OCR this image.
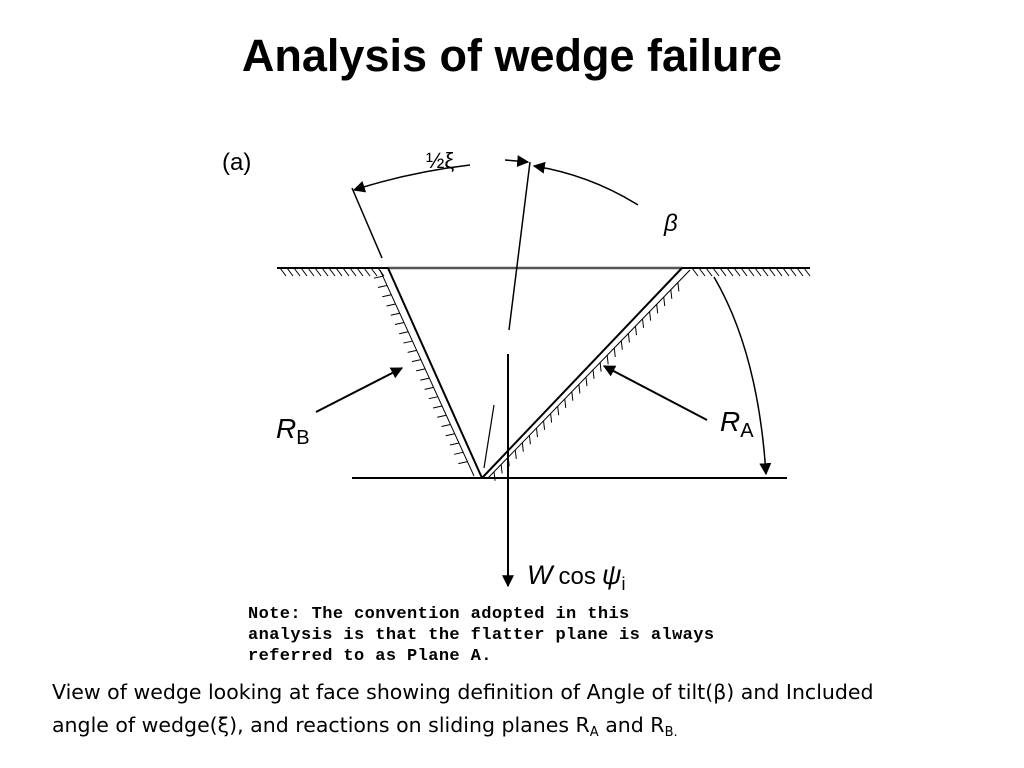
Analysis of wedge failure
(a)	½ξ
β
$R_B$
$R_A$
W $\cos \psi_i$
Note: The convention adopted in this
analysis is that the flatter plane is always
referred to as Plane A.
View of wedge looking at face showing definition of Angle of tilt(β) and Included
angle of wedge(ξ), and reactions on sliding planes $R_A$ and $R_{B.}$
